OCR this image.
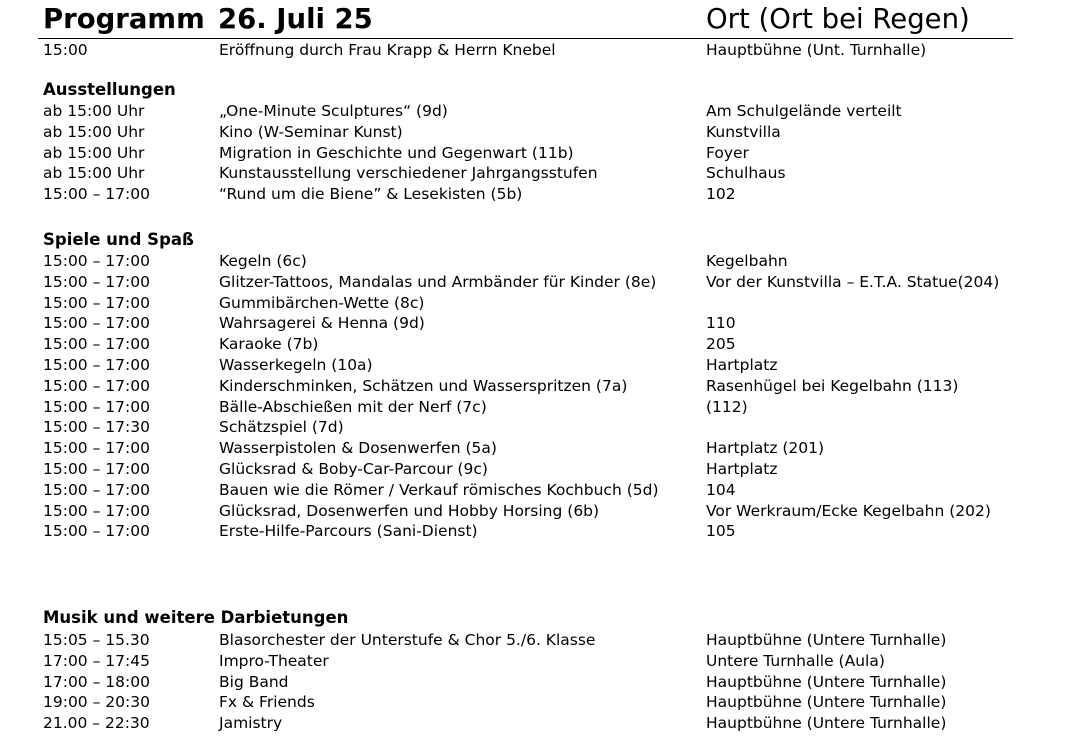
Programm 26. Juli 25	Ort (Ort bei Regen)
15:00	Eröffnung durch Frau Krapp & Herrn Knebel	Hauptbühne (Unt. Turnhalle)
Ausstellungen
ab 15:00 Uhr	„One-Minute Sculptures“ (9d)	Am Schulgelände verteilt
ab 15:00 Uhr	Kino (W-Seminar Kunst)	Kunstvilla
ab 15:00 Uhr	Migration in Geschichte und Gegenwart (11b)	Foyer
ab 15:00 Uhr	Kunstausstellung verschiedener Jahrgangsstufen	Schulhaus
15:00 – 17:00	“Rund um die Biene” & Lesekisten (5b)	102
Spiele und Spaß
15:00 – 17:00	Kegeln (6c)	Kegelbahn
15:00 – 17:00	Glitzer-Tattoos, Mandalas und Armbänder für Kinder (8e)	Vor der Kunstvilla – E.T.A. Statue(204)
15:00 – 17:00	Gummibärchen-Wette (8c)
15:00 – 17:00	Wahrsagerei & Henna (9d)	110
15:00 – 17:00	Karaoke (7b)	205
15:00 – 17:00	Wasserkegeln (10a)	Hartplatz
15:00 – 17:00	Kinderschminken, Schätzen und Wasserspritzen (7a)	Rasenhügel bei Kegelbahn (113)
15:00 – 17:00	Bälle-Abschießen mit der Nerf (7c)	(112)
15:00 – 17:30	Schätzspiel (7d)
15:00 – 17:00	Wasserpistolen & Dosenwerfen (5a)	Hartplatz (201)
15:00 – 17:00	Glücksrad & Boby-Car-Parcour (9c)	Hartplatz
15:00 – 17:00	Bauen wie die Römer / Verkauf römisches Kochbuch (5d)	104
15:00 – 17:00	Glücksrad, Dosenwerfen und Hobby Horsing (6b)	Vor Werkraum/Ecke Kegelbahn (202)
15:00 – 17:00	Erste-Hilfe-Parcours (Sani-Dienst)	105
Musik und weitere Darbietungen
15:05 – 15.30	Blasorchester der Unterstufe & Chor 5./6. Klasse	Hauptbühne (Untere Turnhalle)
17:00 – 17:45	Impro-Theater	Untere Turnhalle (Aula)
17:00 – 18:00	Big Band	Hauptbühne (Untere Turnhalle)
19:00 – 20:30	Fx & Friends	Hauptbühne (Untere Turnhalle)
21.00 – 22:30	Jamistry	Hauptbühne (Untere Turnhalle)
